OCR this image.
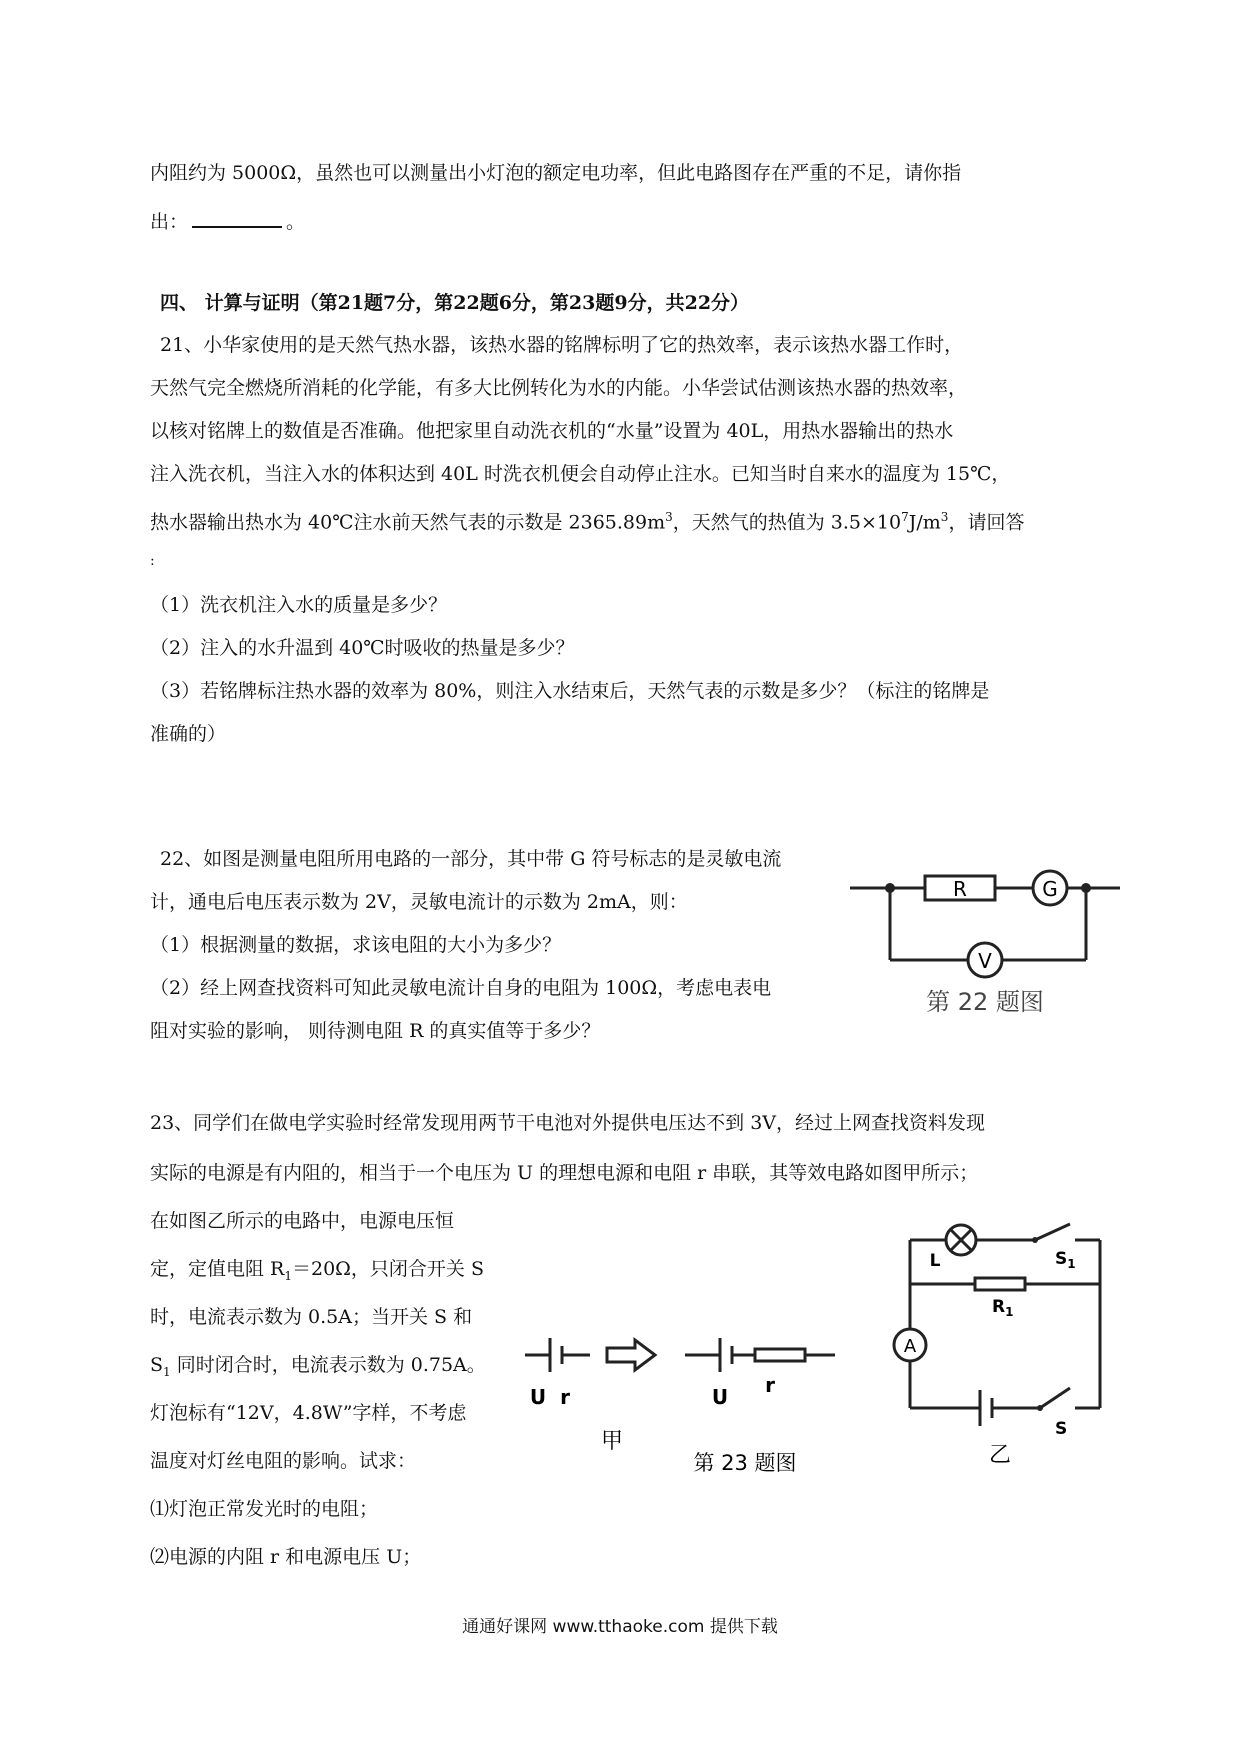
内阻约为 5000Ω，虽然也可以测量出小灯泡的额定电功率，但此电路图存在严重的不足，请你指
出：	。
四、 计算与证明（第21题7分，第22题6分，第23题9分，共22分）
21、小华家使用的是天然气热水器，该热水器的铭牌标明了它的热效率，表示该热水器工作时，
天然气完全燃烧所消耗的化学能，有多大比例转化为水的内能。小华尝试估测该热水器的热效率，
以核对铭牌上的数值是否准确。他把家里自动洗衣机的“水量”设置为 40L，用热水器输出的热水
注入洗衣机，当注入水的体积达到 40L 时洗衣机便会自动停止注水。已知当时自来水的温度为 15℃，
热水器输出热水为 40℃注水前天然气表的示数是 $2365.89m^3$，天然气的热值为 $3.5\times 10^7J/m^3$，请回答
:
（1）洗衣机注入水的质量是多少？
（2）注入的水升温到 40℃时吸收的热量是多少？
（3）若铭牌标注热水器的效率为 80%，则注入水结束后，天然气表的示数是多少？（标注的铭牌是
准确的）
22、如图是测量电阻所用电路的一部分，其中带 G 符号标志的是灵敏电流
计，通电后电压表示数为 2V，灵敏电流计的示数为 2mA，则：
（1）根据测量的数据，求该电阻的大小为多少？
（2）经上网查找资料可知此灵敏电流计自身的电阻为 100Ω，考虑电表电
阻对实验的影响， 则待测电阻 R 的真实值等于多少？
R	G
V
第 22 题图
23、同学们在做电学实验时经常发现用两节干电池对外提供电压达不到 3V，经过上网查找资料发现
实际的电源是有内阻的，相当于一个电压为 U 的理想电源和电阻 r 串联，其等效电路如图甲所示；
在如图乙所示的电路中，电源电压恒
定，定值电阻 $R_1=20\Omega$，只闭合开关 S
时，电流表示数为 0.5A；当开关 S 和
$S_1$ 同时闭合时，电流表示数为 0.75A。
灯泡标有“12V，4.8W”字样，不考虑
温度对灯丝电阻的影响。试求：
⑴灯泡正常发光时的电阻；
⑵电源的内阻 r 和电源电压 U；
U r	U r
甲
第 23 题图
A
L	$S_1$
$R_1$
S
乙
通通好课网 www.tthaoke.com 提供下载
